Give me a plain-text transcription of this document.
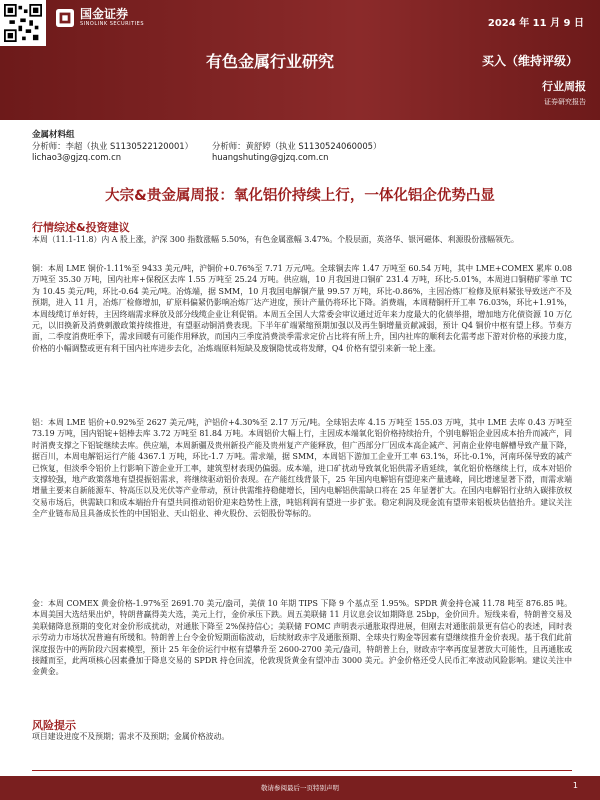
国金证券
SINOLINK SECURITIES	2024 年 11 月 9 日
有色金属行业研究	买入（维持评级）
行业周报
证券研究报告
金属材料组
分析师：李超（执业 S1130522120001）
lichao3@gjzq.com.cn
分析师：黄舒婷（执业 S1130524060005）
huangshuting@gjzq.com.cn
大宗&贵金属周报：氧化铝价持续上行，一体化铝企优势凸显
行情综述&投资建议

本周（11.1-11.8）内 A 股上涨，沪深 300 指数涨幅 5.50%，有色金属涨幅 3.47%。个股层面，英洛华、银河磁体、利源股份涨幅领先。

铜：本周 LME 铜价-1.11%至 9433 美元/吨，沪铜价+0.76%至 7.71 万元/吨。全球铜去库 1.47 万吨至 60.54 万吨，其中 LME+COMEX 累库 0.08 万吨至 35.30 万吨，国内社库+保税区去库 1.55 万吨至 25.24 万吨。供应端，10 月我国进口铜矿 231.4 万吨，环比-5.01%，本周进口铜精矿零单 TC 为 10.45 美元/吨，环比-0.64 美元/吨。冶炼端，据 SMM，10 月我国电解铜产量 99.57 万吨，环比-0.86%，主因冶炼厂检修及原料紧张导致送产不及预期，进入 11 月，冶炼厂检修增加，矿原料偏紧仍影响冶炼厂达产进度，预计产量仍将环比下降。消费端，本周精铜杆开工率 76.03%，环比+1.91%，本周线缆订单好转，主因终端需求释放及部分线缆企业让利促销。本周五全国人大常委会审议通过近年来力度最大的化债举措，增加地方化债资源 10 万亿元，以旧换新及消费刺激政策持续推进，有望驱动铜消费表现。下半年矿端紧缩预期加强以及再生铜增量贡献减弱，预计 Q4 铜价中枢有望上移。节奏方面，二季度消费旺季下，需求回暖有可能作用释放，而国内三季度消费淡季需求定价占比将有所上升，国内社库的顺利去化需考虑下游对价格的承接力度，价格的小幅调整或更有利于国内社库进步去化，冶炼端原料短缺及废铜隐忧或将发酵，Q4 价格有望引来新一轮上涨。

铝：本周 LME 铝价+0.92%至 2627 美元/吨，沪铝价+4.30%至 2.17 万元/吨。全球铝去库 4.15 万吨至 155.03 万吨，其中 LME 去库 0.43 万吨至 73.19 万吨，国内铝锭+铝棒去库 3.72 万吨至 81.84 万吨。本周铝价大幅上行，主因成本端氧化铝价格持续抬升，个别电解铝企业因成本抬升而减产，同时消费支撑之下铝锭继续去库。供应端，本周新疆及贵州新投产能及贵州复产产能释放，但广西部分厂因成本高企减产、河南企业停电解槽导致产量下降，据百川，本周电解铝运行产能 4367.1 万吨，环比-1.7 万吨。需求端，据 SMM，本周铝下游加工企业开工率 63.1%，环比-0.1%，河南环保导致的减产已恢复，但淡季令铝价上行影响下游企业开工率，建筑型材表现仍偏弱。成本端，进口矿扰动导致氧化铝供需矛盾延续，氧化铝价格继续上行，成本对铝价支撑较强，地产政策落地有望提振铝需求，将继续驱动铝价表现。在产能红线背景下，25 年国内电解铝有望迎来产量逃峰，同比增速显著下滑，而需求端增量主要来自新能源车、特高压以及光伏等产业带动，预计供需维持稳健增长，国内电解铝供需缺口将在 25 年显著扩大。在国内电解铝行业纳入碳排放权交易市场后，供需缺口和成本端抬升有望共同推动铝价迎来趋势性上涨，吨铝利润有望进一步扩张。稳定利润及现金流有望带来铝板块估值抬升。建议关注全产业链布局且具备成长性的中国铝业、天山铝业、神火股份、云铝股份等标的。

金：本周 COMEX 黄金价格-1.97%至 2691.70 美元/盎司，美债 10 年期 TIPS 下降 9 个基点至 1.95%。SPDR 黄金持仓减 11.78 吨至 876.85 吨。本周美国大选结果出炉，特朗普赢得美大选，美元上行，金价承压下跌。周五美联储 11 月议息会议如期降息 25bp，金价回升。短线来看，特朗普交易及美联储降息预期的变化对金价形成扰动，对通胀下降至 2%保持信心；美联储 FOMC 声明表示通胀取得进展，但刚去对通胀前景更有信心的表述，同时表示劳动力市场状况普遍有所缓和。特朗普上台令金价短期面临波动，后续财政赤字及通胀预期、全球央行购金等因素有望继续推升金价表现。基于我们此前深度报告中的两阶段六因素模型，预计 25 年金价运行中枢有望攀升至 2600-2700 美元/盎司，特朗普上台，财政赤字率再度显著放大可能性，且再通胀或接踵而至，此两项核心因素叠加于降息交易的 SPDR 持仓回流，伦敦现货黄金有望冲击 3000 美元。沪金价格还受人民币汇率波动风险影响。建议关注中金黄金。

风险提示

项目建设进度不及预期；需求不及预期；金属价格波动。

敬请参阅最后一页特别声明	1
